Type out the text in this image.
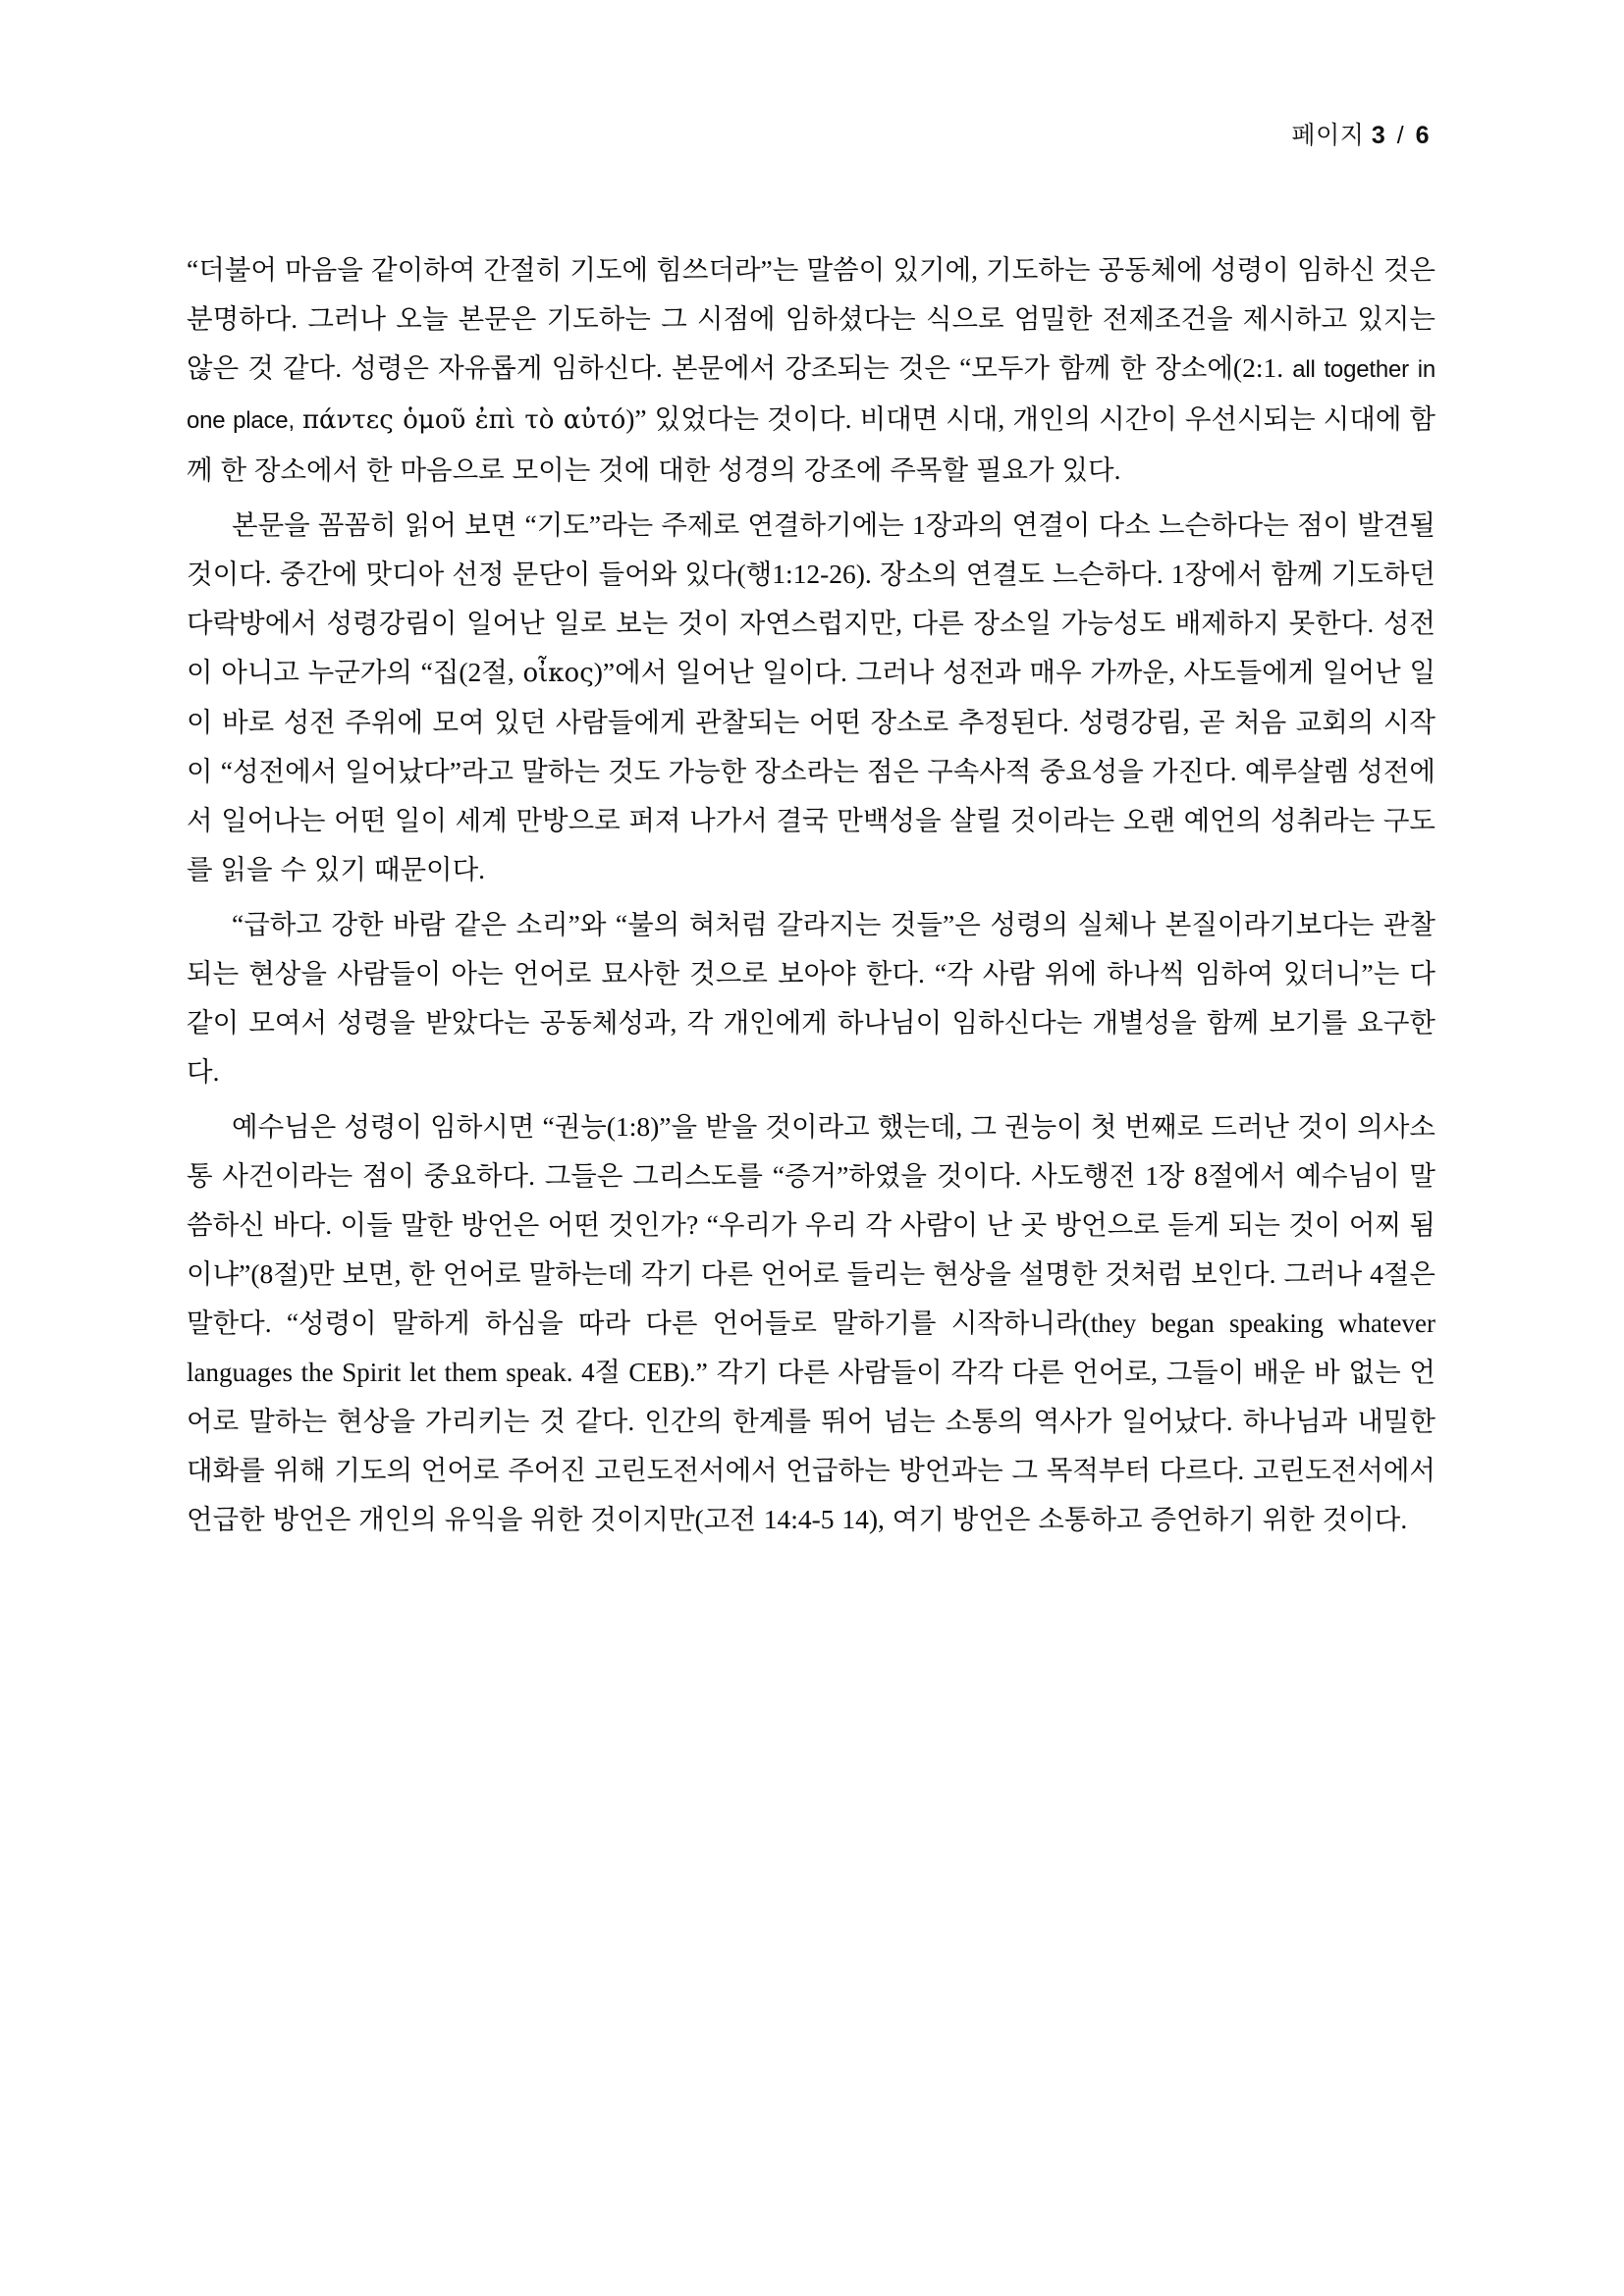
페이지 3 / 6

“더불어 마음을 같이하여 간절히 기도에 힘쓰더라”는 말씀이 있기에, 기도하는 공동체에 성령이 임하신 것은 분명하다. 그러나 오늘 본문은 기도하는 그 시점에 임하셨다는 식으로 엄밀한 전제조건을 제시하고 있지는 않은 것 같다. 성령은 자유롭게 임하신다. 본문에서 강조되는 것은 “모두가 함께 한 장소에(2:1. all together in one place, πάντες ὁμοῦ ἐπὶ τὸ αὐτό)” 있었다는 것이다. 비대면 시대, 개인의 시간이 우선시되는 시대에 함께 한 장소에서 한 마음으로 모이는 것에 대한 성경의 강조에 주목할 필요가 있다.

본문을 꼼꼼히 읽어 보면 “기도”라는 주제로 연결하기에는 1장과의 연결이 다소 느슨하다는 점이 발견될 것이다. 중간에 맛디아 선정 문단이 들어와 있다(행1:12-26). 장소의 연결도 느슨하다. 1장에서 함께 기도하던 다락방에서 성령강림이 일어난 일로 보는 것이 자연스럽지만, 다른 장소일 가능성도 배제하지 못한다. 성전이 아니고 누군가의 “집(2절, οἶκος)”에서 일어난 일이다. 그러나 성전과 매우 가까운, 사도들에게 일어난 일이 바로 성전 주위에 모여 있던 사람들에게 관찰되는 어떤 장소로 추정된다. 성령강림, 곧 처음 교회의 시작이 “성전에서 일어났다”라고 말하는 것도 가능한 장소라는 점은 구속사적 중요성을 가진다. 예루살렘 성전에서 일어나는 어떤 일이 세계 만방으로 퍼져 나가서 결국 만백성을 살릴 것이라는 오랜 예언의 성취라는 구도를 읽을 수 있기 때문이다.

“급하고 강한 바람 같은 소리”와 “불의 혀처럼 갈라지는 것들”은 성령의 실체나 본질이라기보다는 관찰되는 현상을 사람들이 아는 언어로 묘사한 것으로 보아야 한다. “각 사람 위에 하나씩 임하여 있더니”는 다 같이 모여서 성령을 받았다는 공동체성과, 각 개인에게 하나님이 임하신다는 개별성을 함께 보기를 요구한다.

예수님은 성령이 임하시면 “권능(1:8)”을 받을 것이라고 했는데, 그 권능이 첫 번째로 드러난 것이 의사소통 사건이라는 점이 중요하다. 그들은 그리스도를 “증거”하였을 것이다. 사도행전 1장 8절에서 예수님이 말씀하신 바다. 이들 말한 방언은 어떤 것인가? “우리가 우리 각 사람이 난 곳 방언으로 듣게 되는 것이 어찌 됨이냐”(8절)만 보면, 한 언어로 말하는데 각기 다른 언어로 들리는 현상을 설명한 것처럼 보인다. 그러나 4절은 말한다. “성령이 말하게 하심을 따라 다른 언어들로 말하기를 시작하니라(they began speaking whatever languages the Spirit let them speak. 4절 CEB).” 각기 다른 사람들이 각각 다른 언어로, 그들이 배운 바 없는 언어로 말하는 현상을 가리키는 것 같다. 인간의 한계를 뛰어 넘는 소통의 역사가 일어났다. 하나님과 내밀한 대화를 위해 기도의 언어로 주어진 고린도전서에서 언급하는 방언과는 그 목적부터 다르다. 고린도전서에서 언급한 방언은 개인의 유익을 위한 것이지만(고전 14:4-5 14), 여기 방언은 소통하고 증언하기 위한 것이다.
